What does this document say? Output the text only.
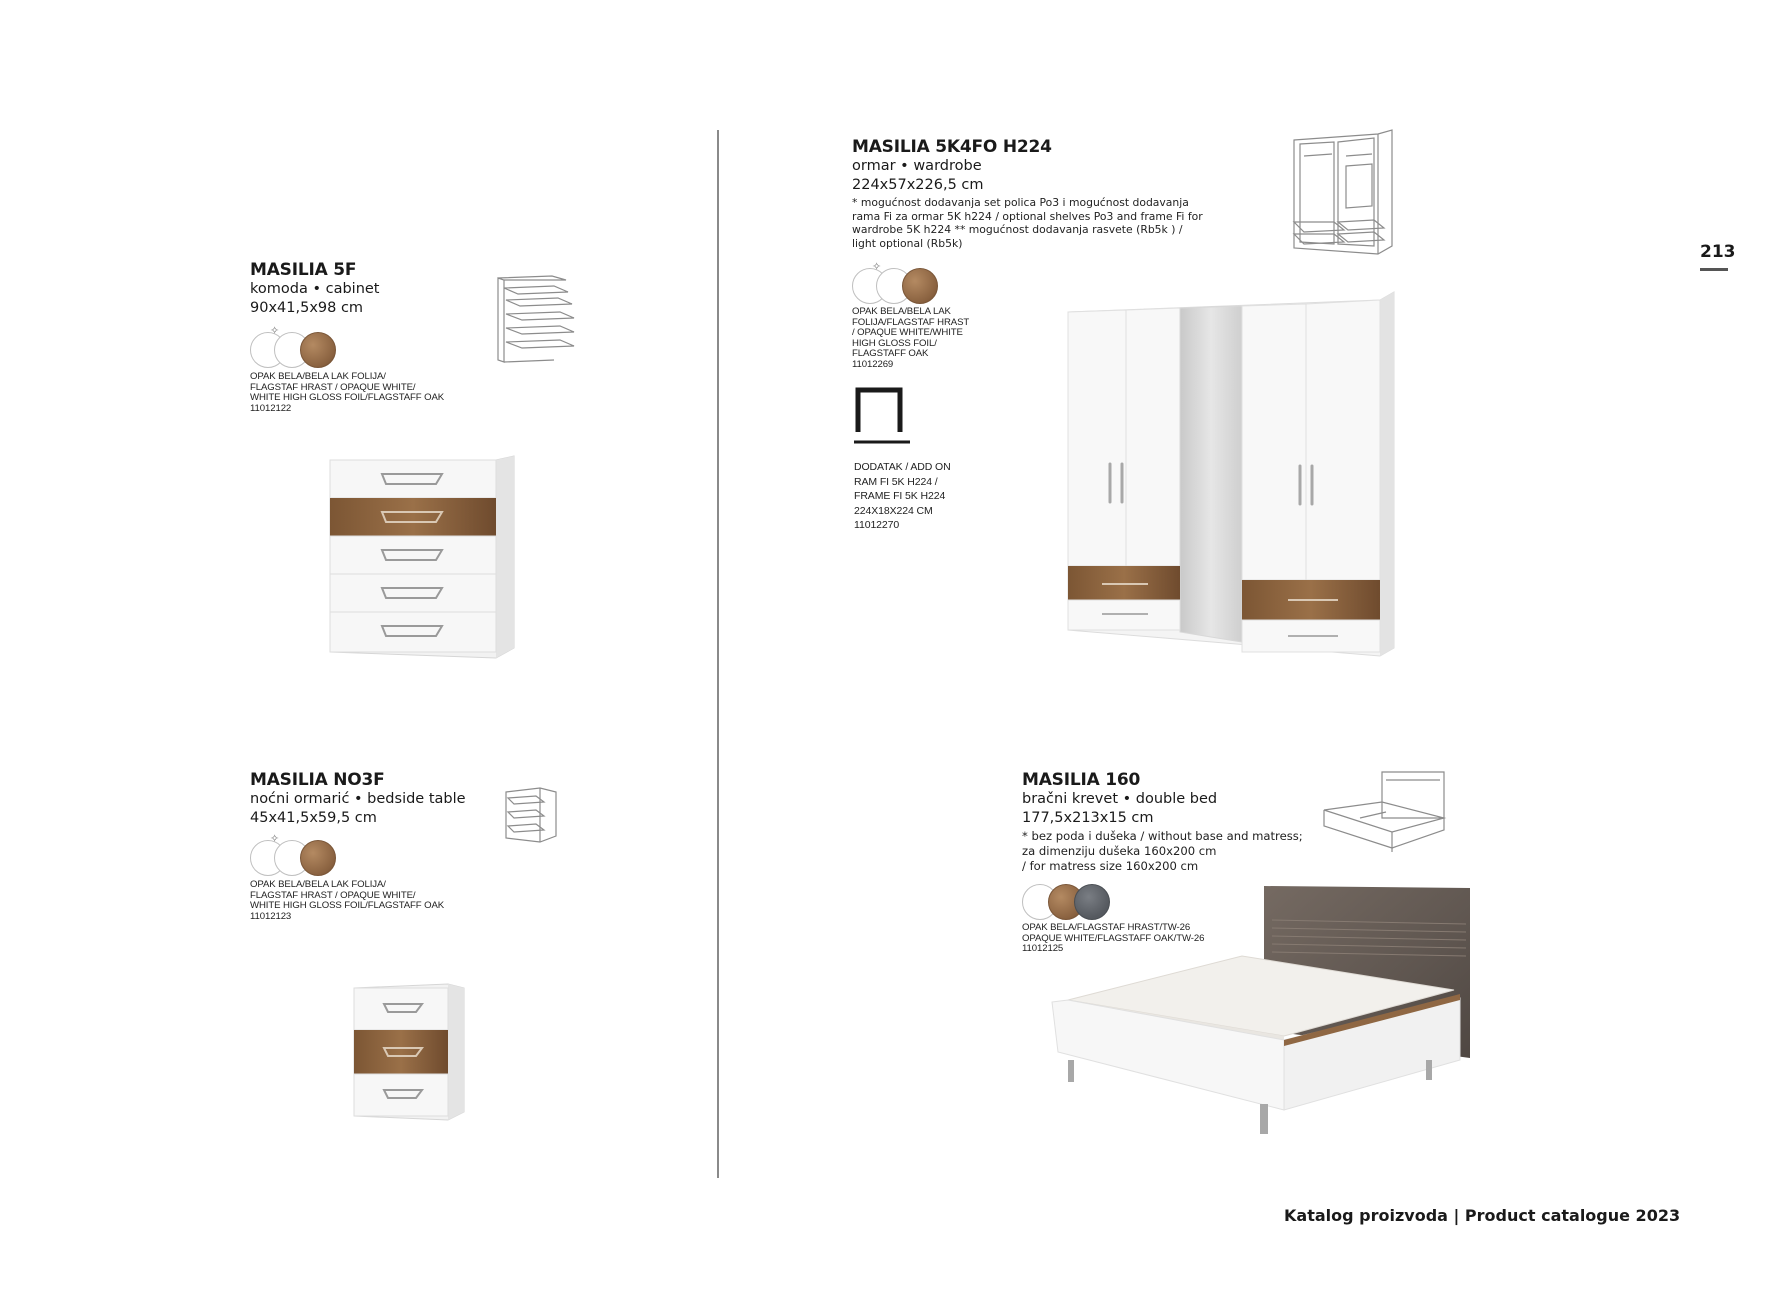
213
Katalog proizvoda | Product catalogue 2023
MASILIA 5F
komoda • cabinet
90x41,5x98 cm
✧
OPAK BELA/BELA LAK FOLIJA/
FLAGSTAF HRAST / OPAQUE WHITE/
WHITE HIGH GLOSS FOIL/FLAGSTAFF OAK
11012122
MASILIA NO3F
noćni ormarić • bedside table
45x41,5x59,5 cm
✧
OPAK BELA/BELA LAK FOLIJA/
FLAGSTAF HRAST / OPAQUE WHITE/
WHITE HIGH GLOSS FOIL/FLAGSTAFF OAK
11012123
MASILIA 5K4FO H224
ormar • wardrobe
224x57x226,5 cm
* mogućnost dodavanja set polica Po3 i mogućnost dodavanja
rama Fi za ormar 5K h224 / optional shelves Po3 and frame Fi for
wardrobe 5K h224 ** mogućnost dodavanja rasvete (Rb5k ) /
light optional (Rb5k)
✧
OPAK BELA/BELA LAK
FOLIJA/FLAGSTAF HRAST
/ OPAQUE WHITE/WHITE
HIGH GLOSS FOIL/
FLAGSTAFF OAK
11012269
DODATAK / ADD ON
RAM FI 5K H224 /
FRAME FI 5K H224
224X18X224 CM
11012270
MASILIA 160
bračni krevet • double bed
177,5x213x15 cm
* bez poda i dušeka / without base and matress;
za dimenziju dušeka 160x200 cm
/ for matress size 160x200 cm
OPAK BELA/FLAGSTAF HRAST/TW-26
OPAQUE WHITE/FLAGSTAFF OAK/TW-26
11012125
